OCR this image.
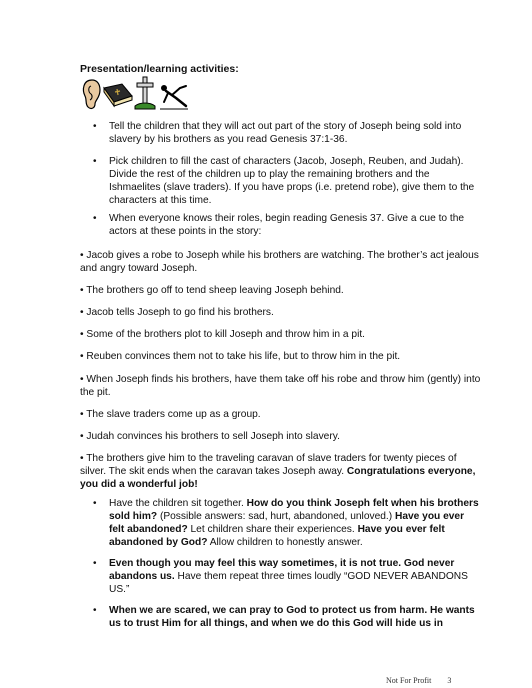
Presentation/learning activities:
• Tell the children that they will act out part of the story of Joseph being sold into slavery by his brothers as you read Genesis 37:1-36.
• Pick children to fill the cast of characters (Jacob, Joseph, Reuben, and Judah). Divide the rest of the children up to play the remaining brothers and the Ishmaelites (slave traders). If you have props (i.e. pretend robe), give them to the characters at this time.
• When everyone knows their roles, begin reading Genesis 37. Give a cue to the actors at these points in the story:
• Jacob gives a robe to Joseph while his brothers are watching. The brother’s act jealous and angry toward Joseph.
• The brothers go off to tend sheep leaving Joseph behind.
• Jacob tells Joseph to go find his brothers.
• Some of the brothers plot to kill Joseph and throw him in a pit.
• Reuben convinces them not to take his life, but to throw him in the pit.
• When Joseph finds his brothers, have them take off his robe and throw him (gently) into the pit.
• The slave traders come up as a group.
• Judah convinces his brothers to sell Joseph into slavery.
• The brothers give him to the traveling caravan of slave traders for twenty pieces of silver. The skit ends when the caravan takes Joseph away. Congratulations everyone, you did a wonderful job!
• Have the children sit together. How do you think Joseph felt when his brothers sold him? (Possible answers: sad, hurt, abandoned, unloved.) Have you ever felt abandoned? Let children share their experiences. Have you ever felt abandoned by God? Allow children to honestly answer.
• Even though you may feel this way sometimes, it is not true. God never abandons us. Have them repeat three times loudly “GOD NEVER ABANDONS US.”
• When we are scared, we can pray to God to protect us from harm. He wants us to trust Him for all things, and when we do this God will hide us in
Not For Profit 3
